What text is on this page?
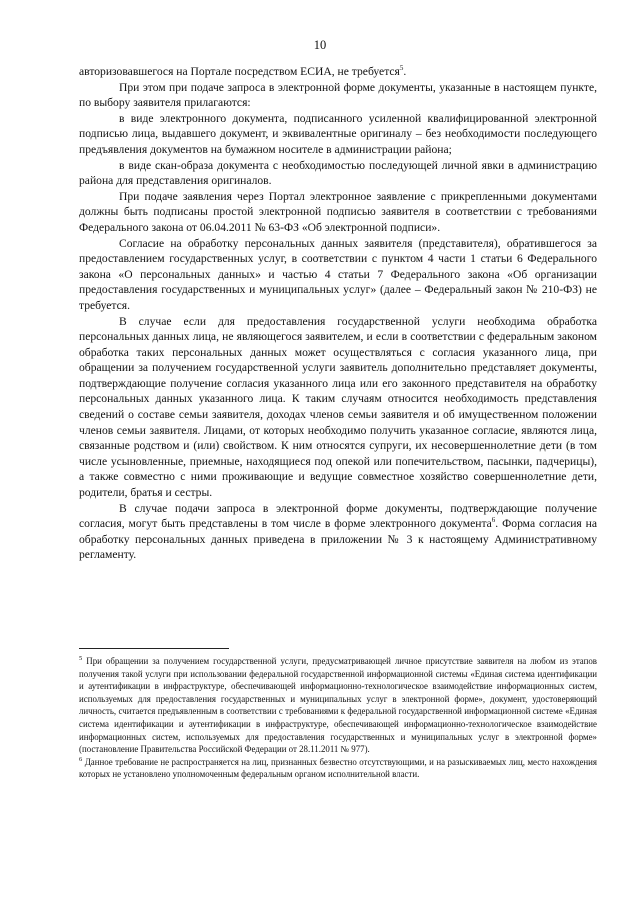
10

авторизовавшегося на Портале посредством ЕСИА, не требуется$^5$.

При этом при подаче запроса в электронной форме документы, указанные в настоящем пункте, по выбору заявителя прилагаются:

в виде электронного документа, подписанного усиленной квалифицированной электронной подписью лица, выдавшего документ, и эквивалентные оригиналу – без необходимости последующего предъявления документов на бумажном носителе в администрации района;

в виде скан-образа документа с необходимостью последующей личной явки в администрацию района для представления оригиналов.

При подаче заявления через Портал электронное заявление с прикрепленными документами должны быть подписаны простой электронной подписью заявителя в соответствии с требованиями Федерального закона от 06.04.2011 № 63-ФЗ «Об электронной подписи».

Согласие на обработку персональных данных заявителя (представителя), обратившегося за предоставлением государственных услуг, в соответствии с пунктом 4 части 1 статьи 6 Федерального закона «О персональных данных» и частью 4 статьи 7 Федерального закона «Об организации предоставления государственных и муниципальных услуг» (далее – Федеральный закон № 210-ФЗ) не требуется.

В случае если для предоставления государственной услуги необходима обработка персональных данных лица, не являющегося заявителем, и если в соответствии с федеральным законом обработка таких персональных данных может осуществляться с согласия указанного лица, при обращении за получением государственной услуги заявитель дополнительно представляет документы, подтверждающие получение согласия указанного лица или его законного представителя на обработку персональных данных указанного лица. К таким случаям относится необходимость представления сведений о составе семьи заявителя, доходах членов семьи заявителя и об имущественном положении членов семьи заявителя. Лицами, от которых необходимо получить указанное согласие, являются лица, связанные родством и (или) свойством. К ним относятся супруги, их несовершеннолетние дети (в том числе усыновленные, приемные, находящиеся под опекой или попечительством, пасынки, падчерицы), а также совместно с ними проживающие и ведущие совместное хозяйство совершеннолетние дети, родители, братья и сестры.

В случае подачи запроса в электронной форме документы, подтверждающие получение согласия, могут быть представлены в том числе в форме электронного документа$^6$. Форма согласия на обработку персональных данных приведена в приложении № 3 к настоящему Административному регламенту.

$^5$ При обращении за получением государственной услуги, предусматривающей личное присутствие заявителя на любом из этапов получения такой услуги при использовании федеральной государственной информационной системы «Единая система идентификации и аутентификации в инфраструктуре, обеспечивающей информационно-технологическое взаимодействие информационных систем, используемых для предоставления государственных и муниципальных услуг в электронной форме», документ, удостоверяющий личность, считается предъявленным в соответствии с требованиями к федеральной государственной информационной системе «Единая система идентификации и аутентификации в инфраструктуре, обеспечивающей информационно-технологическое взаимодействие информационных систем, используемых для предоставления государственных и муниципальных услуг в электронной форме» (постановление Правительства Российской Федерации от 28.11.2011 № 977).

$^6$ Данное требование не распространяется на лиц, признанных безвестно отсутствующими, и на разыскиваемых лиц, место нахождения которых не установлено уполномоченным федеральным органом исполнительной власти.
